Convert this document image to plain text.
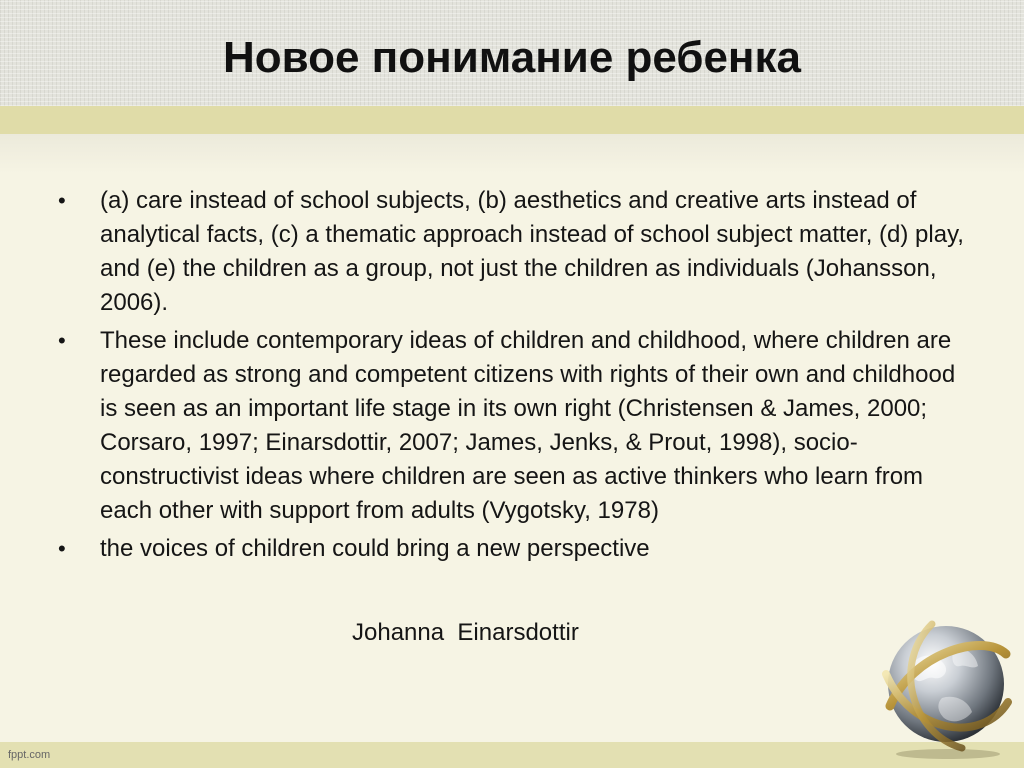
Новое понимание ребенка
•	(a) care instead of school subjects, (b) aesthetics and creative arts instead of analytical facts, (c) a thematic approach instead of school subject matter, (d) play, and (e) the children as a group, not just the children as individuals (Johansson, 2006).
•	These include contemporary ideas of children and childhood, where children are regarded as strong and competent citizens with rights of their own and childhood is seen as an important life stage in its own right (Christensen & James, 2000; Corsaro, 1997; Einarsdottir, 2007; James, Jenks, & Prout, 1998), socio-constructivist ideas where children are seen as active thinkers who learn from each other with support from adults (Vygotsky, 1978)
•	the voices of children could bring a new perspective
Johanna  Einarsdottir
fppt.com
